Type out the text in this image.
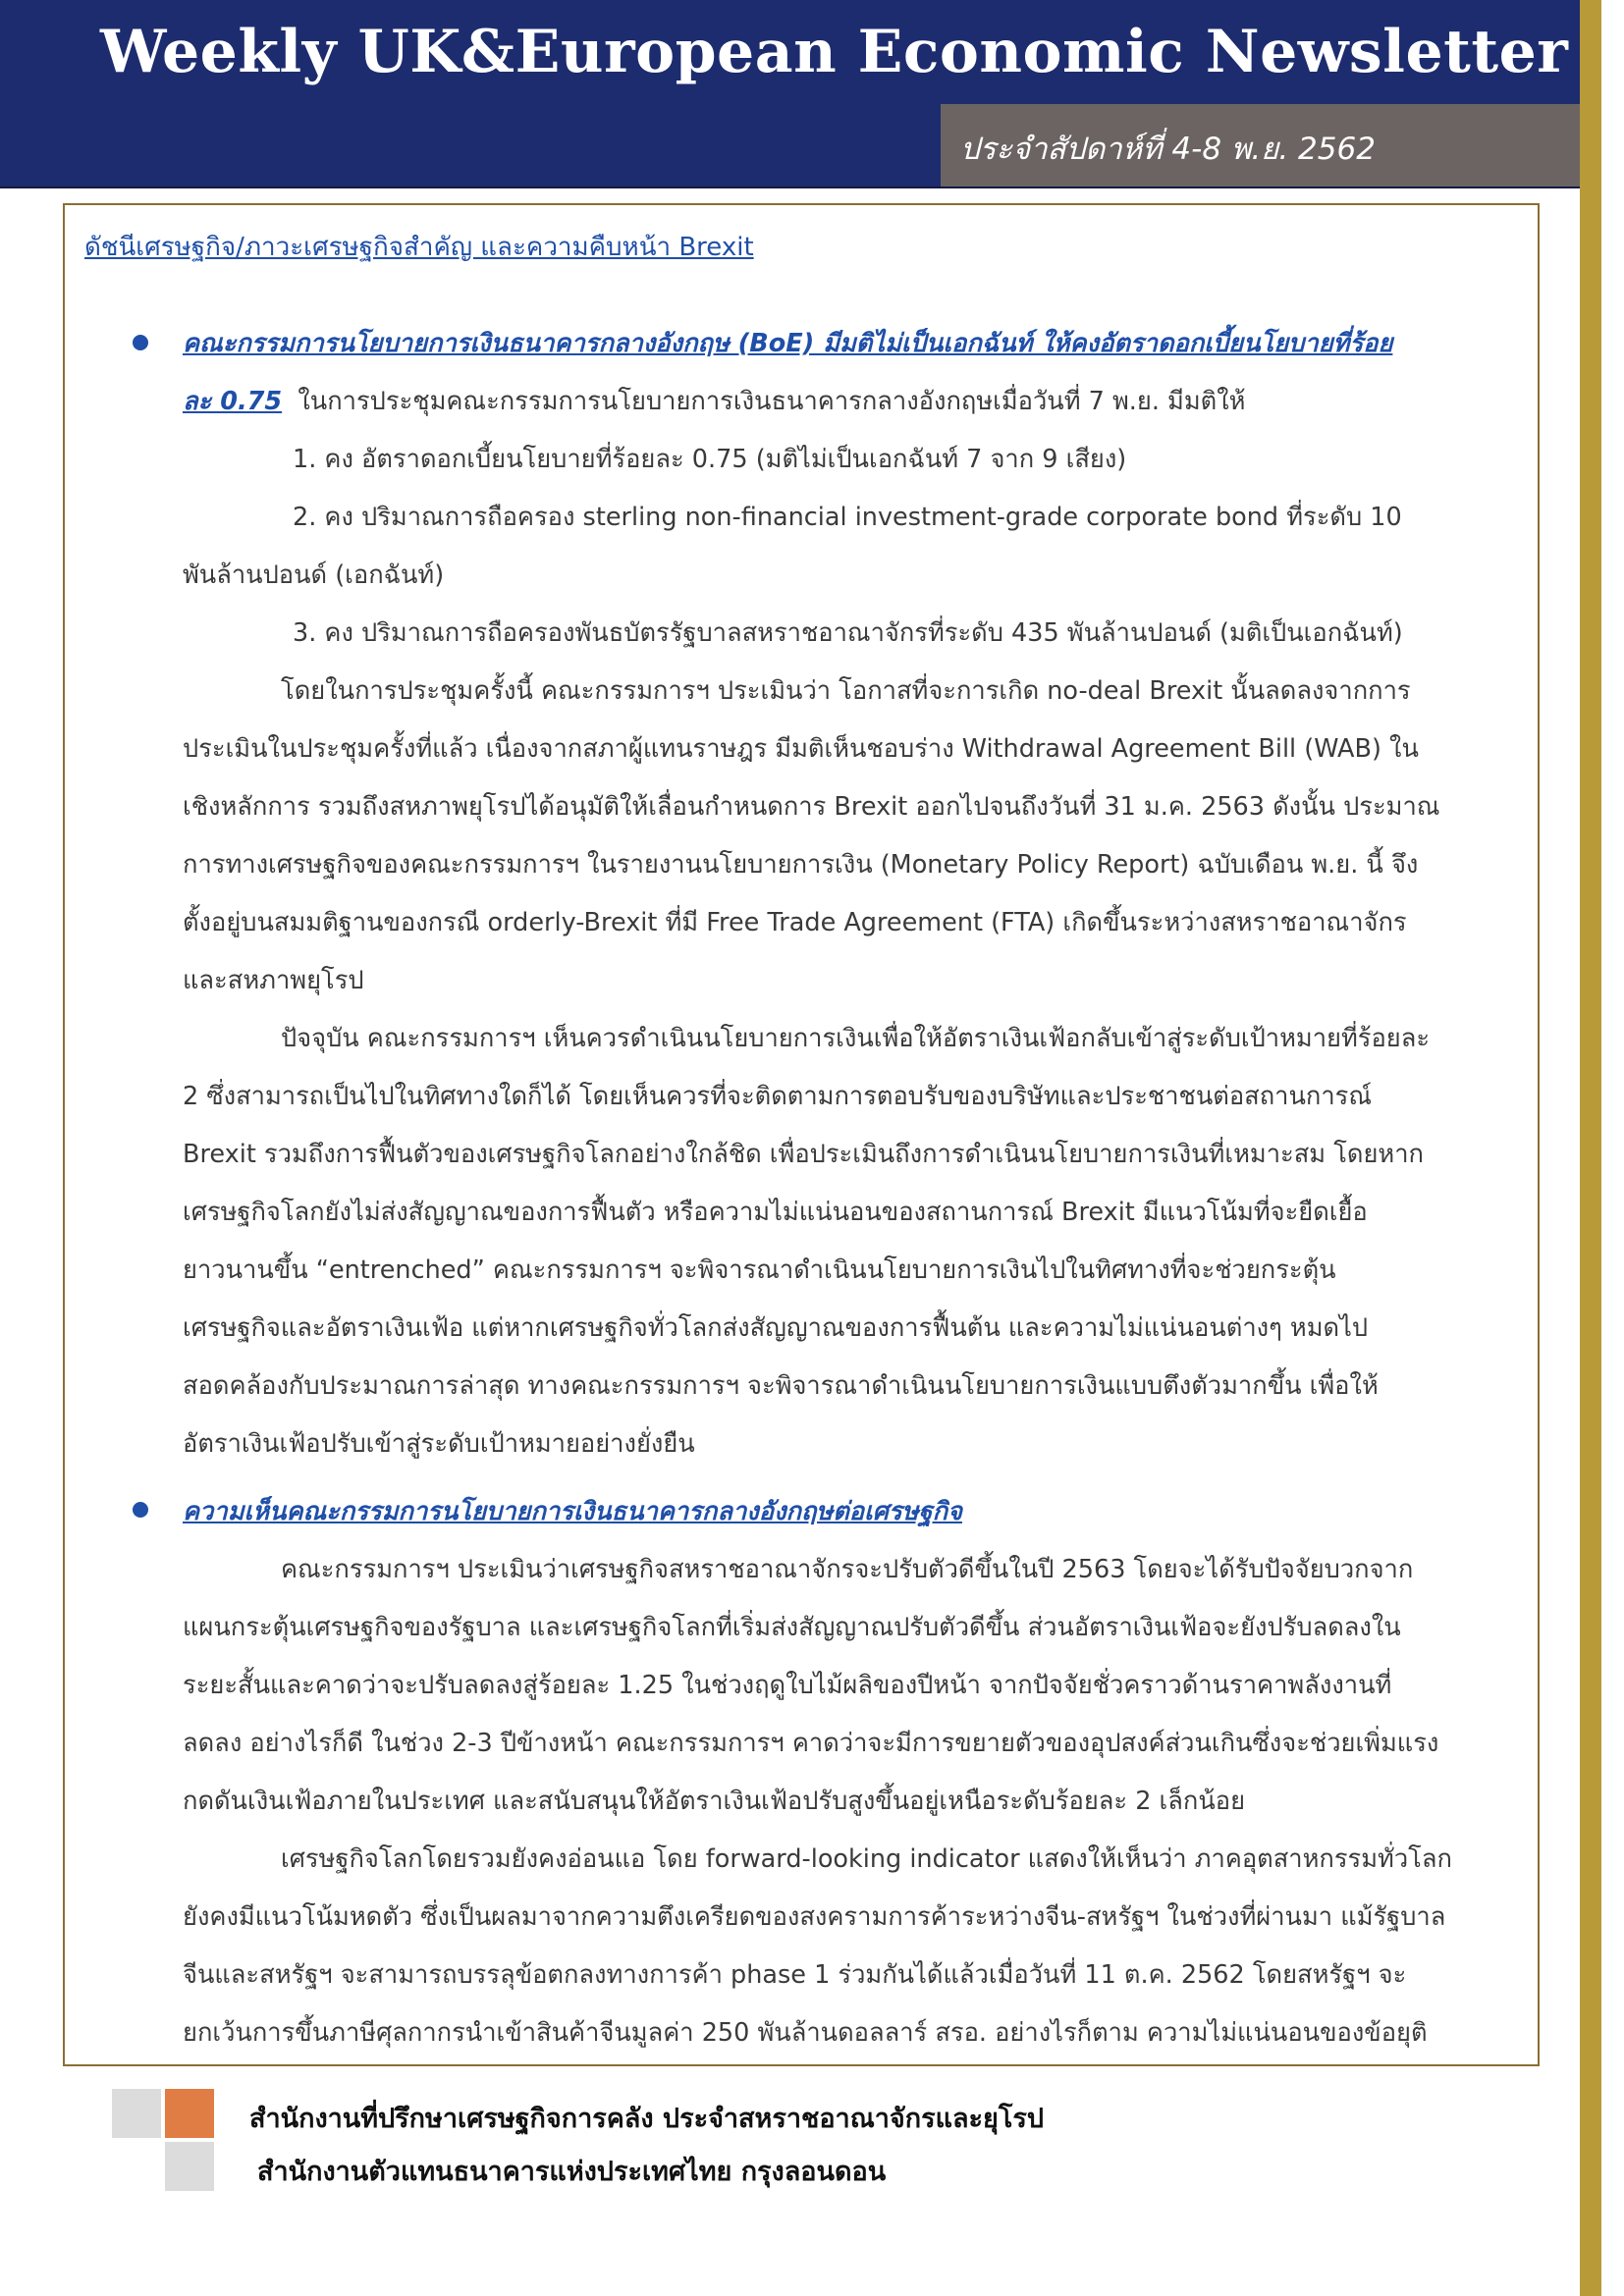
Weekly UK&European Economic Newsletter
ประจำสัปดาห์ที่ 4-8 พ.ย. 2562
ดัชนีเศรษฐกิจ/ภาวะเศรษฐกิจสำคัญ และความคืบหน้า Brexit
คณะกรรมการนโยบายการเงินธนาคารกลางอังกฤษ (BoE) มีมติไม่เป็นเอกฉันท์ ให้คงอัตราดอกเบี้ยนโยบายที่ร้อย
ละ 0.75 ในการประชุมคณะกรรมการนโยบายการเงินธนาคารกลางอังกฤษเมื่อวันที่ 7 พ.ย. มีมติให้
1. คง อัตราดอกเบี้ยนโยบายที่ร้อยละ 0.75 (มติไม่เป็นเอกฉันท์ 7 จาก 9 เสียง)
2. คง ปริมาณการถือครอง sterling non-financial investment-grade corporate bond ที่ระดับ 10
พันล้านปอนด์ (เอกฉันท์)
3. คง ปริมาณการถือครองพันธบัตรรัฐบาลสหราชอาณาจักรที่ระดับ 435 พันล้านปอนด์ (มติเป็นเอกฉันท์)
โดยในการประชุมครั้งนี้ คณะกรรมการฯ ประเมินว่า โอกาสที่จะการเกิด no-deal Brexit นั้นลดลงจากการ
ประเมินในประชุมครั้งที่แล้ว เนื่องจากสภาผู้แทนราษฎร มีมติเห็นชอบร่าง Withdrawal Agreement Bill (WAB) ใน
เชิงหลักการ รวมถึงสหภาพยุโรปได้อนุมัติให้เลื่อนกำหนดการ Brexit ออกไปจนถึงวันที่ 31 ม.ค. 2563 ดังนั้น ประมาณ
การทางเศรษฐกิจของคณะกรรมการฯ ในรายงานนโยบายการเงิน (Monetary Policy Report) ฉบับเดือน พ.ย. นี้ จึง
ตั้งอยู่บนสมมติฐานของกรณี orderly-Brexit ที่มี Free Trade Agreement (FTA) เกิดขึ้นระหว่างสหราชอาณาจักร
และสหภาพยุโรป
ปัจจุบัน คณะกรรมการฯ เห็นควรดำเนินนโยบายการเงินเพื่อให้อัตราเงินเฟ้อกลับเข้าสู่ระดับเป้าหมายที่ร้อยละ
2 ซึ่งสามารถเป็นไปในทิศทางใดก็ได้ โดยเห็นควรที่จะติดตามการตอบรับของบริษัทและประชาชนต่อสถานการณ์
Brexit รวมถึงการฟื้นตัวของเศรษฐกิจโลกอย่างใกล้ชิด เพื่อประเมินถึงการดำเนินนโยบายการเงินที่เหมาะสม โดยหาก
เศรษฐกิจโลกยังไม่ส่งสัญญาณของการฟื้นตัว หรือความไม่แน่นอนของสถานการณ์ Brexit มีแนวโน้มที่จะยืดเยื้อ
ยาวนานขึ้น “entrenched” คณะกรรมการฯ จะพิจารณาดำเนินนโยบายการเงินไปในทิศทางที่จะช่วยกระตุ้น
เศรษฐกิจและอัตราเงินเฟ้อ แต่หากเศรษฐกิจทั่วโลกส่งสัญญาณของการฟื้นต้น และความไม่แน่นอนต่างๆ หมดไป
สอดคล้องกับประมาณการล่าสุด ทางคณะกรรมการฯ จะพิจารณาดำเนินนโยบายการเงินแบบตึงตัวมากขึ้น เพื่อให้
อัตราเงินเฟ้อปรับเข้าสู่ระดับเป้าหมายอย่างยั่งยืน
ความเห็นคณะกรรมการนโยบายการเงินธนาคารกลางอังกฤษต่อเศรษฐกิจ
คณะกรรมการฯ ประเมินว่าเศรษฐกิจสหราชอาณาจักรจะปรับตัวดีขึ้นในปี 2563 โดยจะได้รับปัจจัยบวกจาก
แผนกระตุ้นเศรษฐกิจของรัฐบาล และเศรษฐกิจโลกที่เริ่มส่งสัญญาณปรับตัวดีขึ้น ส่วนอัตราเงินเฟ้อจะยังปรับลดลงใน
ระยะสั้นและคาดว่าจะปรับลดลงสู่ร้อยละ 1.25 ในช่วงฤดูใบไม้ผลิของปีหน้า จากปัจจัยชั่วคราวด้านราคาพลังงานที่
ลดลง อย่างไรก็ดี ในช่วง 2-3 ปีข้างหน้า คณะกรรมการฯ คาดว่าจะมีการขยายตัวของอุปสงค์ส่วนเกินซึ่งจะช่วยเพิ่มแรง
กดดันเงินเฟ้อภายในประเทศ และสนับสนุนให้อัตราเงินเฟ้อปรับสูงขึ้นอยู่เหนือระดับร้อยละ 2 เล็กน้อย
เศรษฐกิจโลกโดยรวมยังคงอ่อนแอ โดย forward-looking indicator แสดงให้เห็นว่า ภาคอุตสาหกรรมทั่วโลก
ยังคงมีแนวโน้มหดตัว ซึ่งเป็นผลมาจากความตึงเครียดของสงครามการค้าระหว่างจีน-สหรัฐฯ ในช่วงที่ผ่านมา แม้รัฐบาล
จีนและสหรัฐฯ จะสามารถบรรลุข้อตกลงทางการค้า phase 1 ร่วมกันได้แล้วเมื่อวันที่ 11 ต.ค. 2562 โดยสหรัฐฯ จะ
ยกเว้นการขึ้นภาษีศุลกากรนำเข้าสินค้าจีนมูลค่า 250 พันล้านดอลลาร์ สรอ. อย่างไรก็ตาม ความไม่แน่นอนของข้อยุติ
สำนักงานที่ปรึกษาเศรษฐกิจการคลัง ประจำสหราชอาณาจักรและยุโรป
สำนักงานตัวแทนธนาคารแห่งประเทศไทย กรุงลอนดอน
